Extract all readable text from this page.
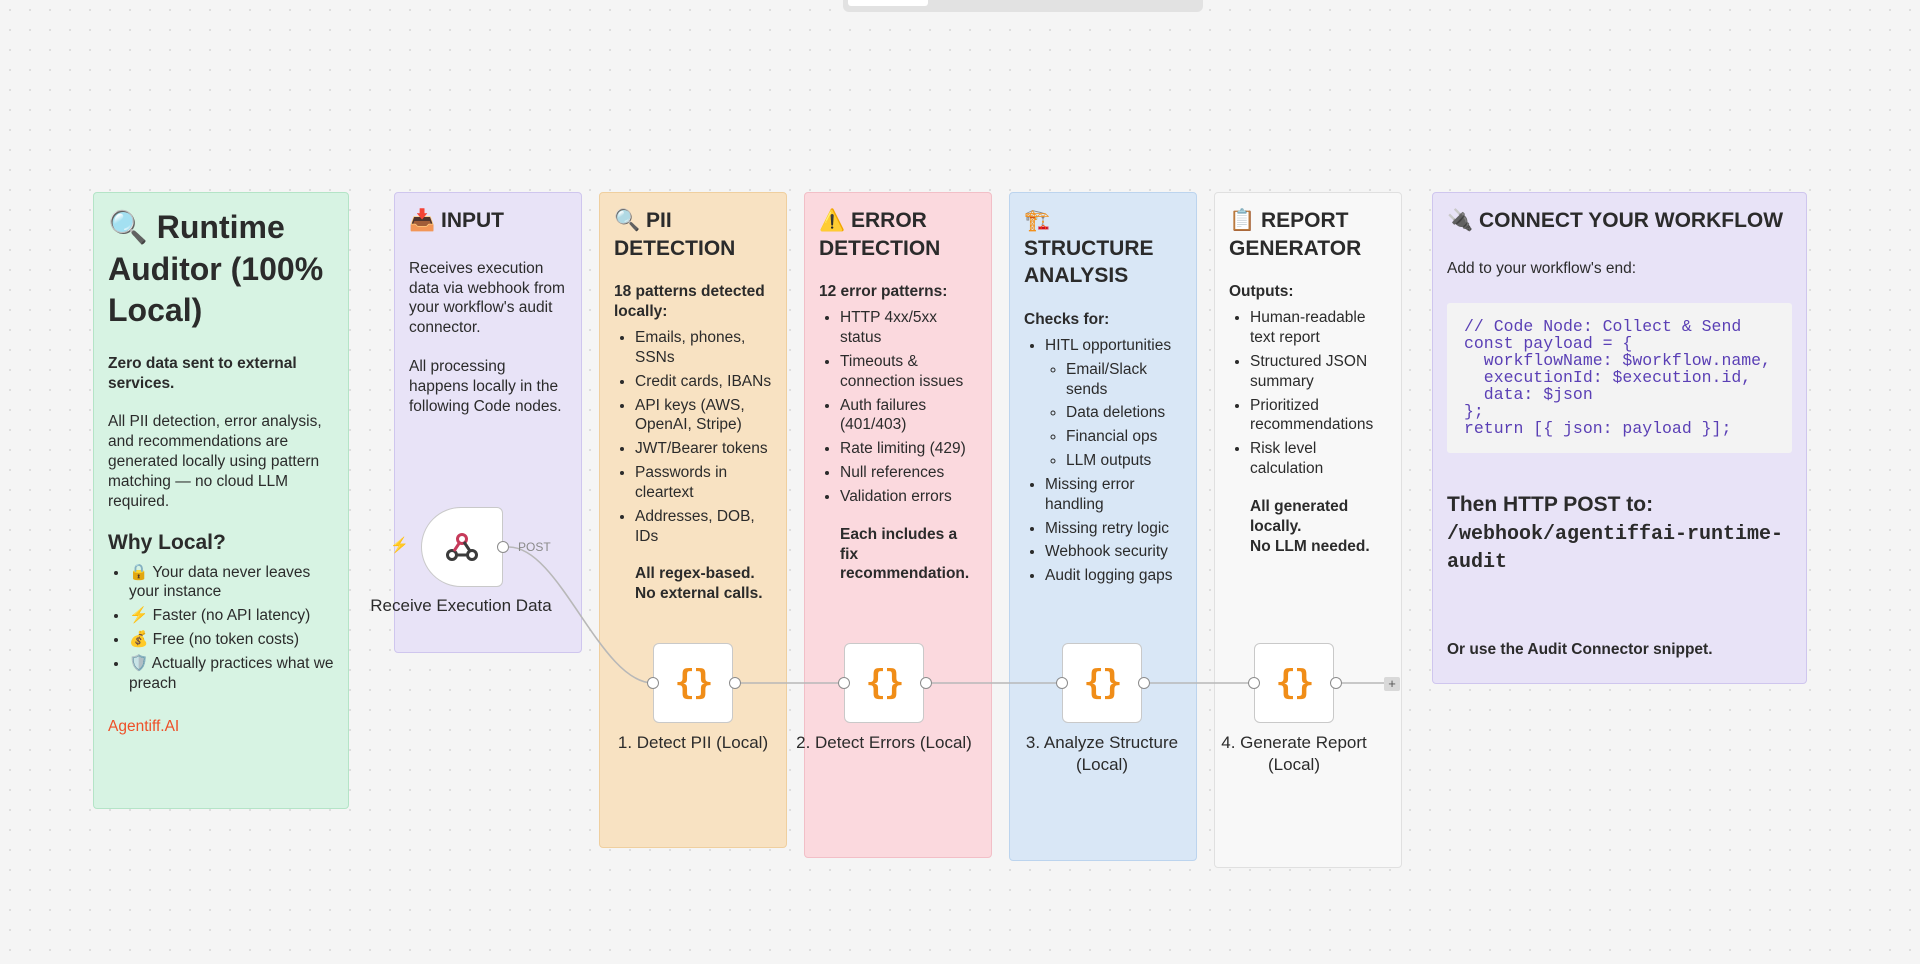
🔍 Runtime Auditor (100% Local)

Zero data sent to external services.

All PII detection, error analysis, and recommendations are generated locally using pattern matching — no cloud LLM required.

Why Local?
• 🔒 Your data never leaves your instance
• ⚡ Faster (no API latency)
• 💰 Free (no token costs)
• 🛡️ Actually practices what we preach
Agentiff.AI
📥 INPUT

Receives execution data via webhook from your workflow's audit connector.

All processing happens locally in the following Code nodes.

🔍 PII DETECTION

18 patterns detected locally:

• Emails, phones, SSNs
• Credit cards, IBANs
• API keys (AWS, OpenAI, Stripe)
• JWT/Bearer tokens
• Passwords in cleartext
• Addresses, DOB, IDs
All regex-based.
No external calls.
⚠️ ERROR DETECTION

12 error patterns:

• HTTP 4xx/5xx status
• Timeouts & connection issues
• Auth failures (401/403)
• Rate limiting (429)
• Null references
• Validation errors
Each includes a fix recommendation.
🏗️ STRUCTURE ANALYSIS

Checks for:

• HITL opportunities
◦ Email/Slack sends
◦ Data deletions
◦ Financial ops
◦ LLM outputs
• Missing error handling
• Missing retry logic
• Webhook security
• Audit logging gaps
📋 REPORT GENERATOR

Outputs:

• Human-readable text report
• Structured JSON summary
• Prioritized recommendations
• Risk level calculation
All generated locally.
No LLM needed.
🔌 CONNECT YOUR WORKFLOW

Add to your workflow's end:

// Code Node: Collect & Send
const payload = {
workflowName: $workflow.name,
executionId: $execution.id,
data: $json
};
return [{ json: payload }];
Then HTTP POST to:
/webhook/agentiffai-runtime-audit
Or use the Audit Connector snippet.
⚡	POST
Receive Execution Data
{}
1. Detect PII (Local)
{}
2. Detect Errors (Local)
{}
3. Analyze Structure (Local)
{}
4. Generate Report (Local)
+
